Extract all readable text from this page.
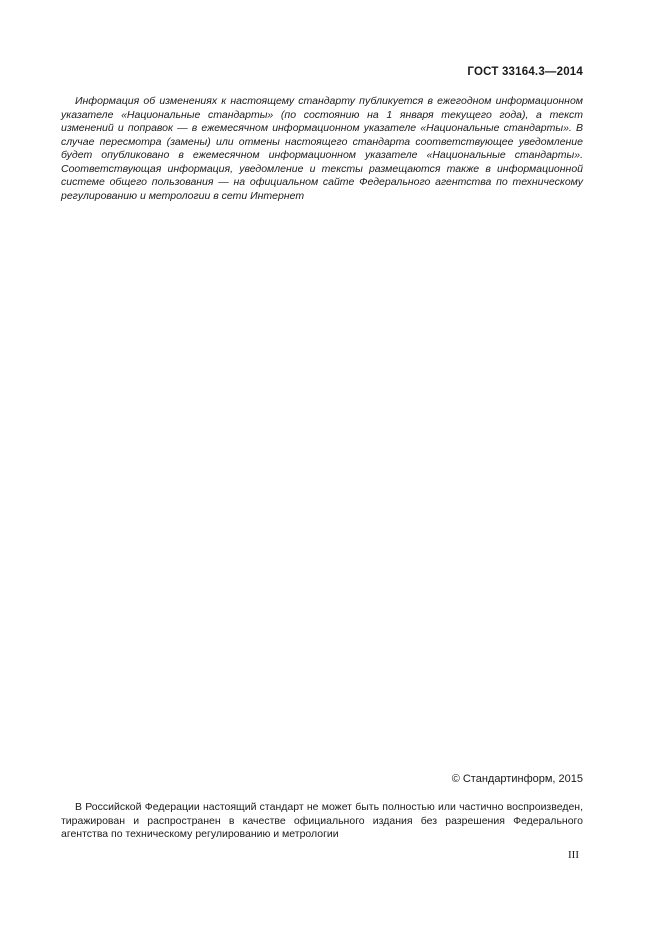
ГОСТ 33164.3—2014

Информация об изменениях к настоящему стандарту публикуется в ежегодном информационном указателе «Национальные стандарты» (по состоянию на 1 января текущего года), а текст изменений и поправок — в ежемесячном информационном указателе «Национальные стандарты». В случае пересмотра (замены) или отмены настоящего стандарта соответствующее уведомление будет опубликовано в ежемесячном информационном указателе «Национальные стандарты». Соответствующая информация, уведомление и тексты размещаются также в информационной системе общего пользования — на официальном сайте Федерального агентства по техническому регулированию и метрологии в сети Интернет

© Стандартинформ, 2015

В Российской Федерации настоящий стандарт не может быть полностью или частично воспроизведен, тиражирован и распространен в качестве официального издания без разрешения Федерального агентства по техническому регулированию и метрологии

III
